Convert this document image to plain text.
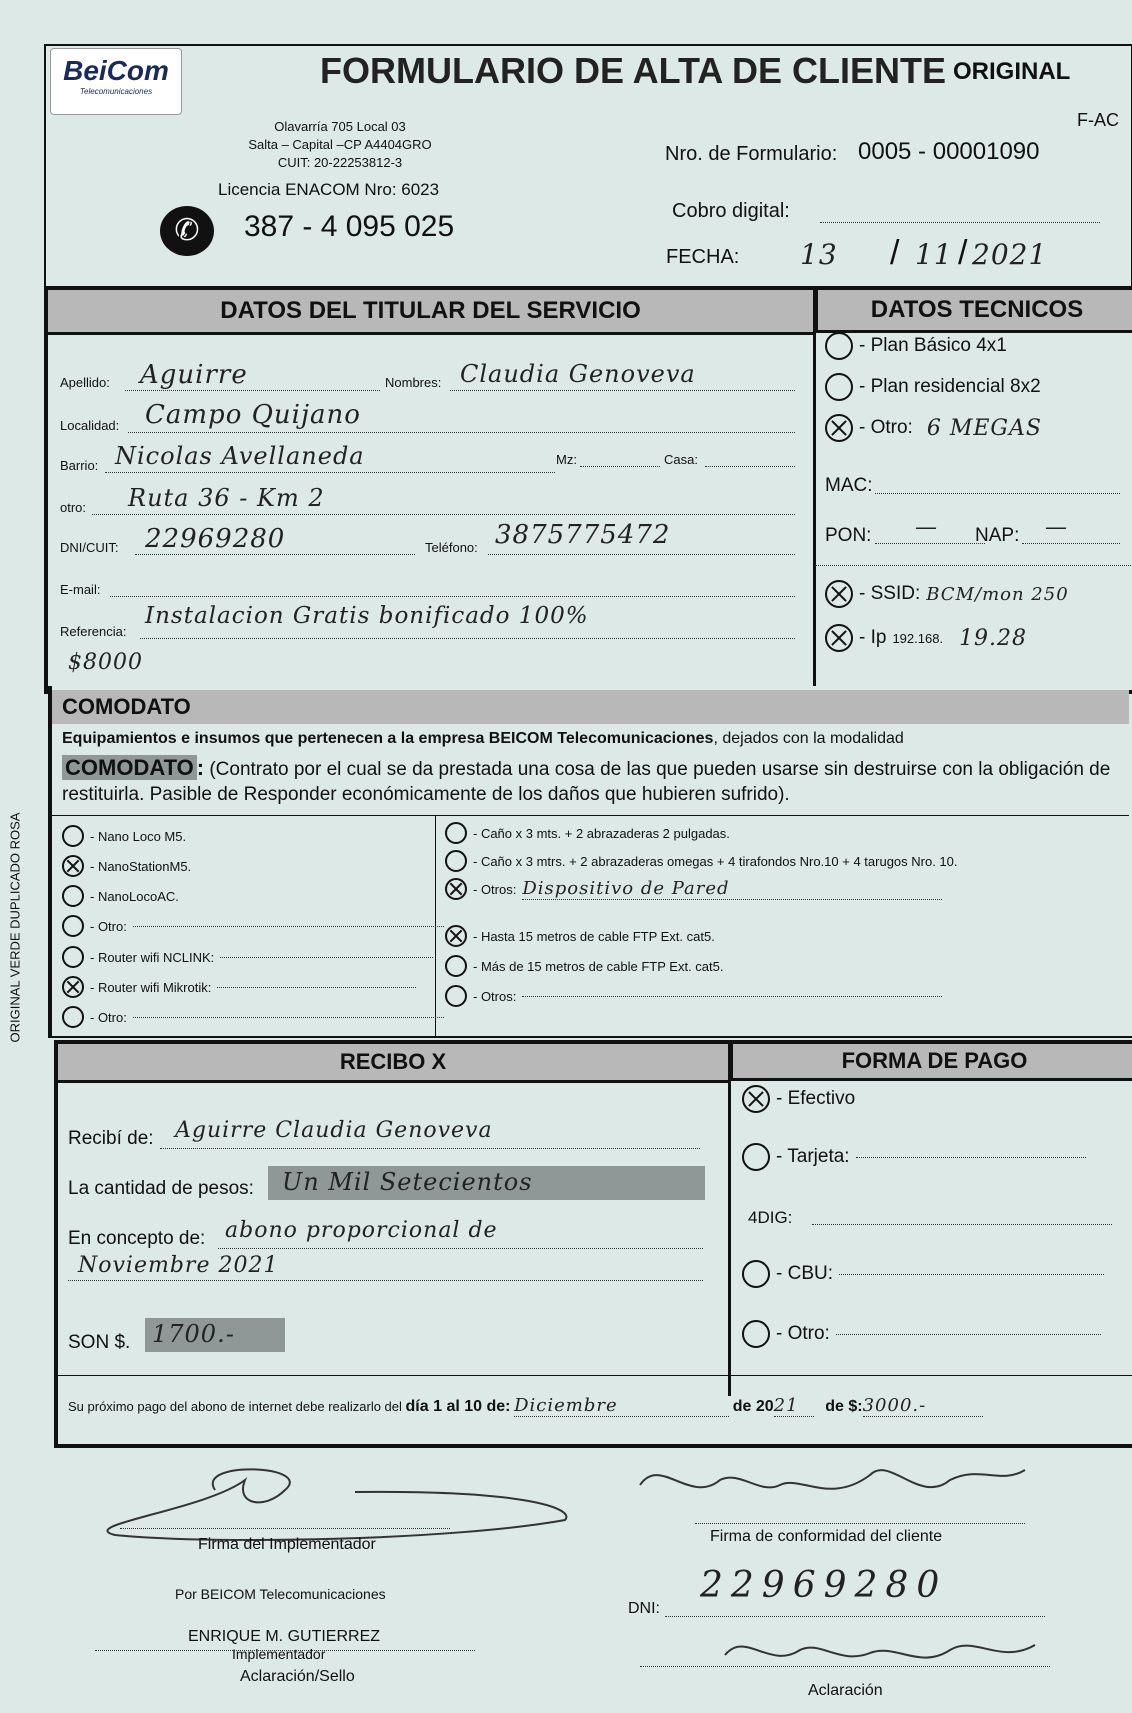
BeiCom
Telecomunicaciones
FORMULARIO DE ALTA DE CLIENTE ORIGINAL
F-AC
Olavarría 705 Local 03
Salta – Capital –CP A4404GRO
CUIT: 20-22253812-3
Licencia ENACOM Nro: 6023
✆	387 - 4 095 025
Nro. de Formulario: 0005 - 00001090
Cobro digital:
FECHA: 13 / 11 / 2021
DATOS DEL TITULAR DEL SERVICIO	DATOS TECNICOS
Apellido: Aguirre	Nombres: Claudia Genoveva
Localidad: Campo Quijano
Barrio: Nicolas Avellaneda	Mz:	Casa:
otro: Ruta 36 - Km 2
DNI/CUIT: 22969280	Teléfono: 3875775472
E-mail:
Referencia:
Instalacion Gratis bonificado 100%
$8000
- Plan Básico 4x1
- Plan residencial 8x2
- Otro: 6 MEGAS
MAC:
PON: — NAP: —
- SSID: BCM/mon 250
- Ip 192.168. 19.28
COMODATO
Equipamientos e insumos que pertenecen a la empresa BEICOM Telecomunicaciones, dejados con la modalidad
COMODATO : (Contrato por el cual se da prestada una cosa de las que pueden usarse sin destruirse con la obligación de restituirla. Pasible de Responder económicamente de los daños que hubieren sufrido).
ORIGINAL VERDE DUPLICADO ROSA	- Nano Loco M5.
- NanoStationM5.
- NanoLocoAC.
- Otro:
- Router wifi NCLINK:
- Router wifi Mikrotik:
- Otro:
- Caño x 3 mts. + 2 abrazaderas 2 pulgadas.
- Caño x 3 mtrs. + 2 abrazaderas omegas + 4 tirafondos Nro.10 + 4 tarugos Nro. 10.
- Otros: Dispositivo de Pared
- Hasta 15 metros de cable FTP Ext. cat5.
- Más de 15 metros de cable FTP Ext. cat5.
- Otros:
RECIBO X	FORMA DE PAGO
Recibí de: Aguirre Claudia Genoveva
La cantidad de pesos: Un Mil Setecientos
En concepto de: abono proporcional de
Noviembre 2021
SON $. 1700.-
Su próximo pago del abono de internet debe realizarlo del día 1 al 10 de: Diciembre	de 2021 de $:3000.-
- Efectivo
- Tarjeta:
4DIG:
- CBU:
- Otro:
Firma del Implementador
Por BEICOM Telecomunicaciones
ENRIQUE M. GUTIERREZ
Implementador
Aclaración/Sello
Firma de conformidad del cliente
DNI:
22969280
Aclaración
